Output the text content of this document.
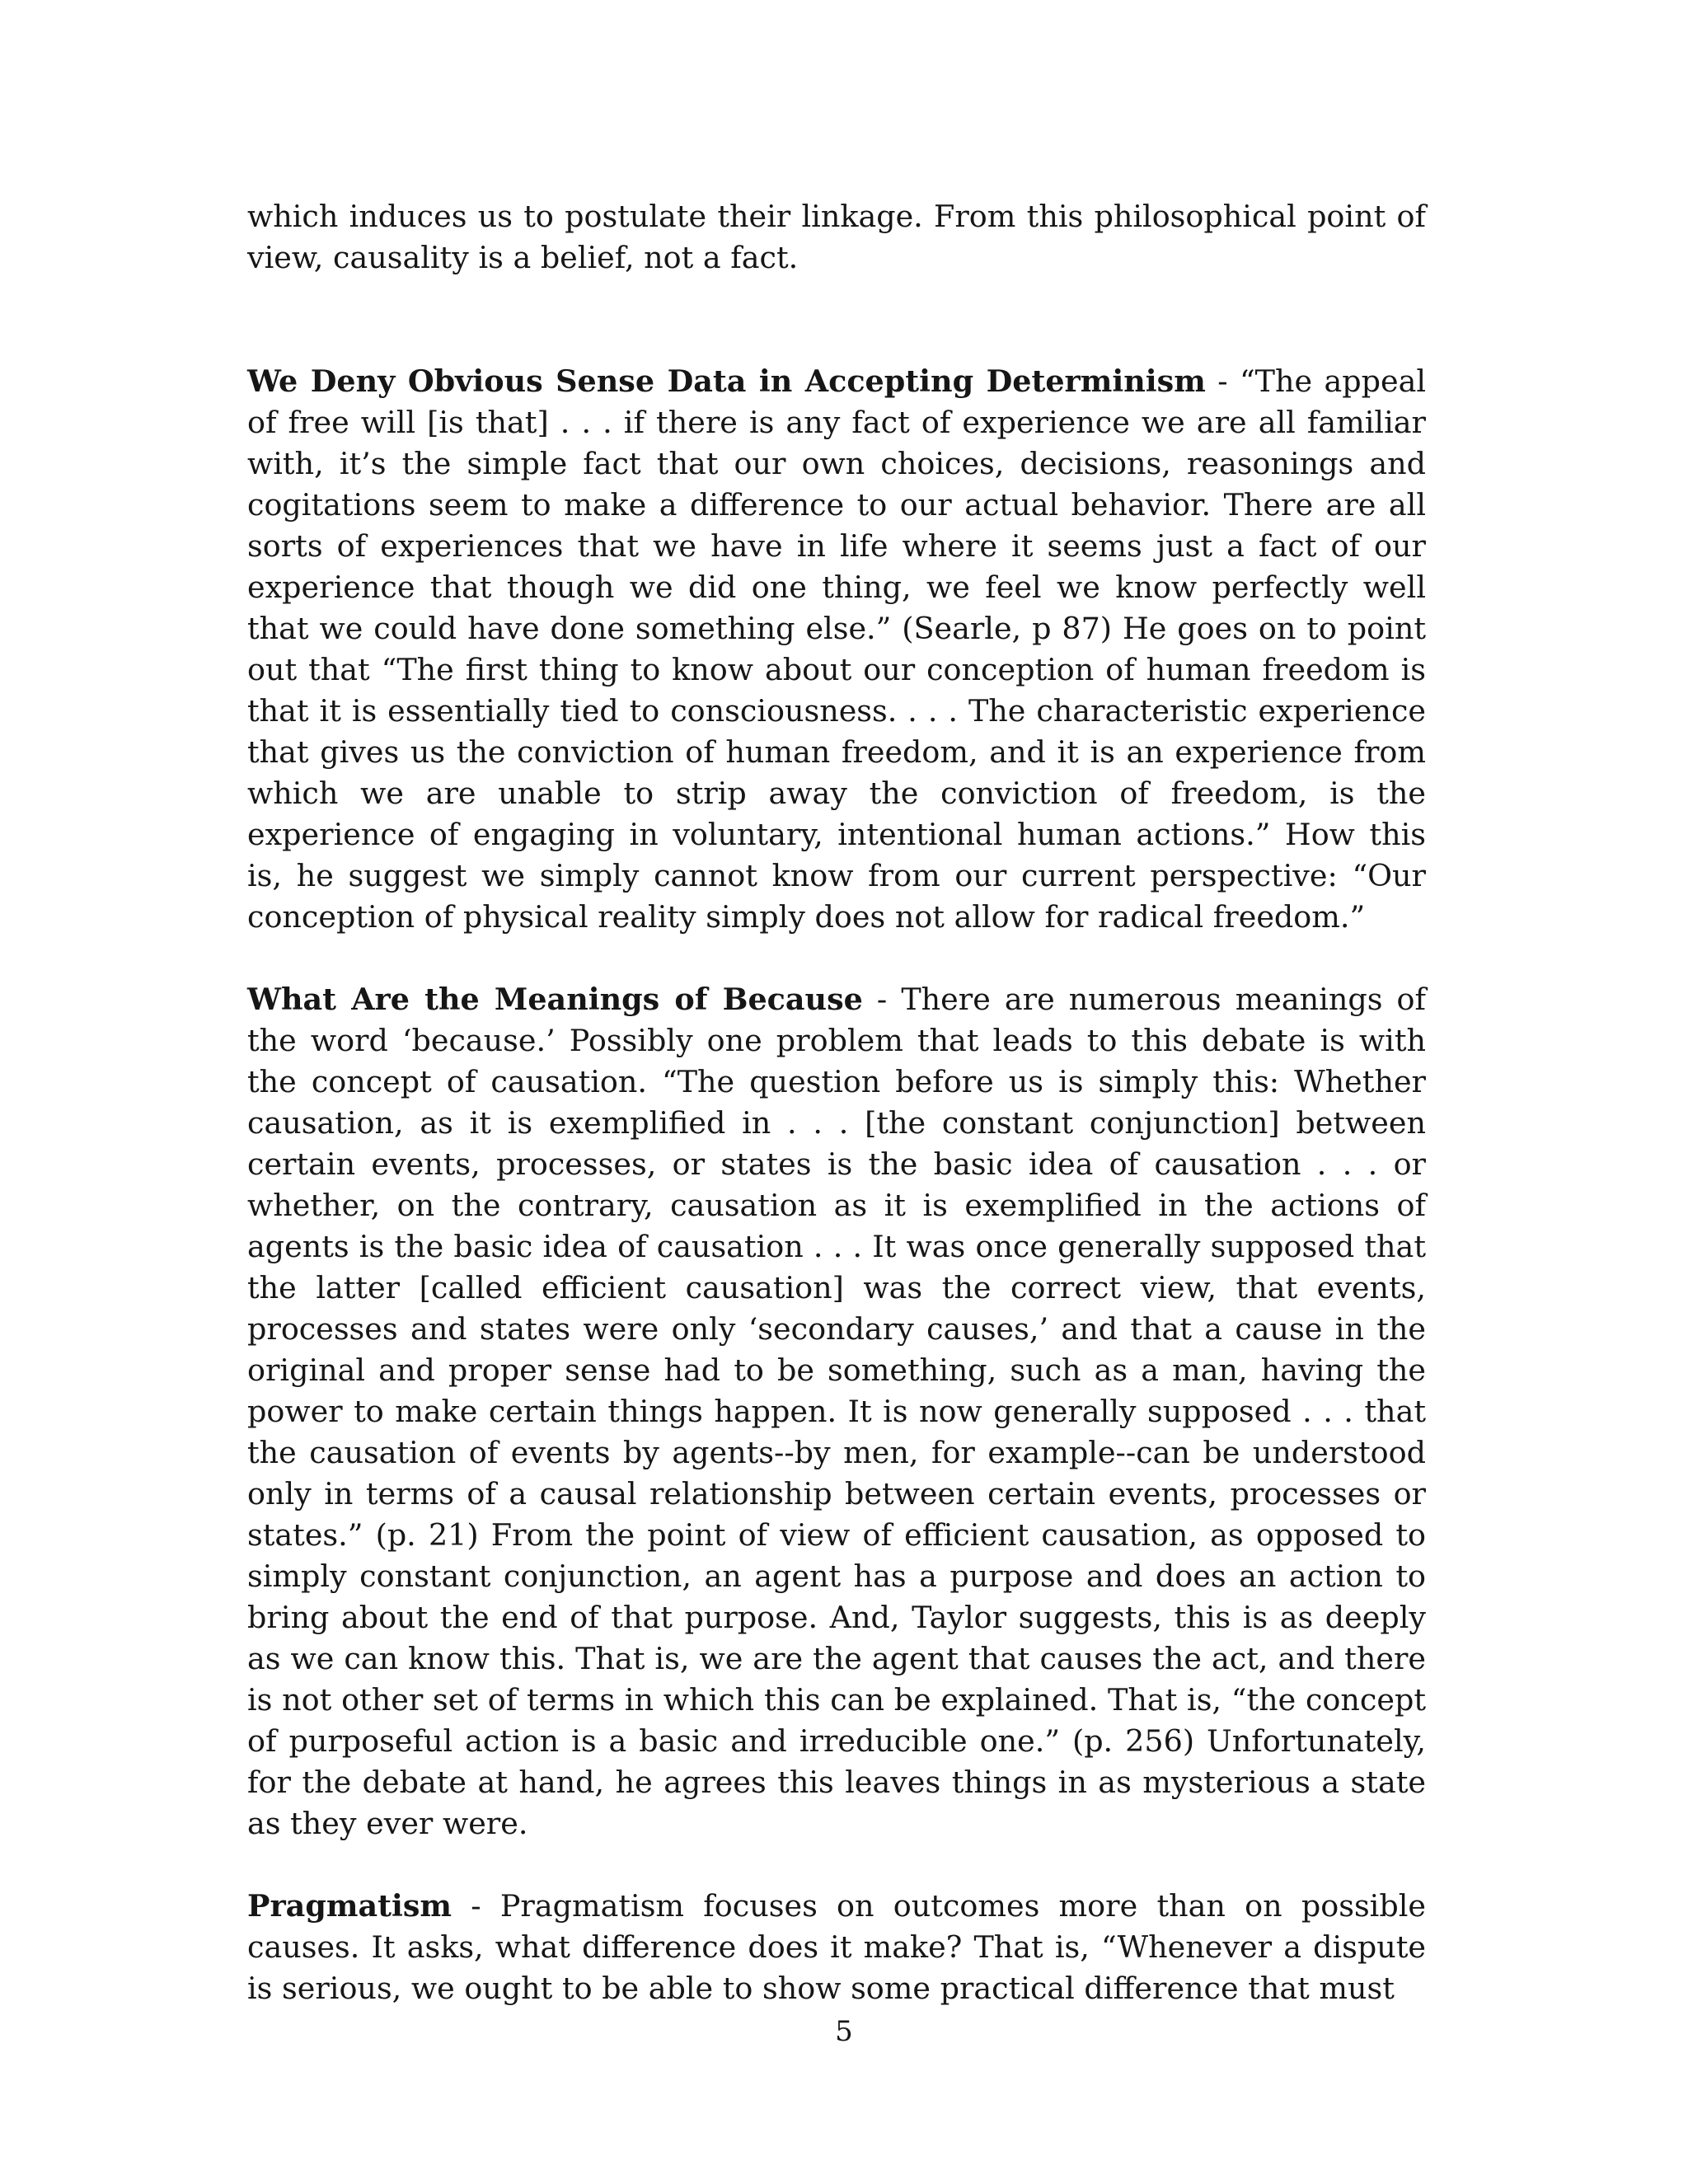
which induces us to postulate their linkage. From this philosophical point of view, causality is a belief, not a fact.

We Deny Obvious Sense Data in Accepting Determinism - “The appeal of free will [is that] . . . if there is any fact of experience we are all familiar with, it’s the simple fact that our own choices, decisions, reasonings and cogitations seem to make a difference to our actual behavior. There are all sorts of experiences that we have in life where it seems just a fact of our experience that though we did one thing, we feel we know perfectly well that we could have done something else.” (Searle, p 87) He goes on to point out that “The first thing to know about our conception of human freedom is that it is essentially tied to consciousness. . . . The characteristic experience that gives us the conviction of human freedom, and it is an experience from which we are unable to strip away the conviction of freedom, is the experience of engaging in voluntary, intentional human actions.” How this is, he suggest we simply cannot know from our current perspective: “Our conception of physical reality simply does not allow for radical freedom.”

What Are the Meanings of Because - There are numerous meanings of the word ‘because.’ Possibly one problem that leads to this debate is with the concept of causation. “The question before us is simply this: Whether causation, as it is exemplified in . . . [the constant conjunction] between certain events, processes, or states is the basic idea of causation . . . or whether, on the contrary, causation as it is exemplified in the actions of agents is the basic idea of causation . . . It was once generally supposed that the latter [called efficient causation] was the correct view, that events, processes and states were only ‘secondary causes,’ and that a cause in the original and proper sense had to be something, such as a man, having the power to make certain things happen. It is now generally supposed . . . that the causation of events by agents--by men, for example--can be understood only in terms of a causal relationship between certain events, processes or states.” (p. 21) From the point of view of efficient causation, as opposed to simply constant conjunction, an agent has a purpose and does an action to bring about the end of that purpose. And, Taylor suggests, this is as deeply as we can know this. That is, we are the agent that causes the act, and there is not other set of terms in which this can be explained. That is, “the concept of purposeful action is a basic and irreducible one.” (p. 256) Unfortunately, for the debate at hand, he agrees this leaves things in as mysterious a state as they ever were.

Pragmatism - Pragmatism focuses on outcomes more than on possible causes. It asks, what difference does it make? That is, “Whenever a dispute is serious, we ought to be able to show some practical difference that must

5
